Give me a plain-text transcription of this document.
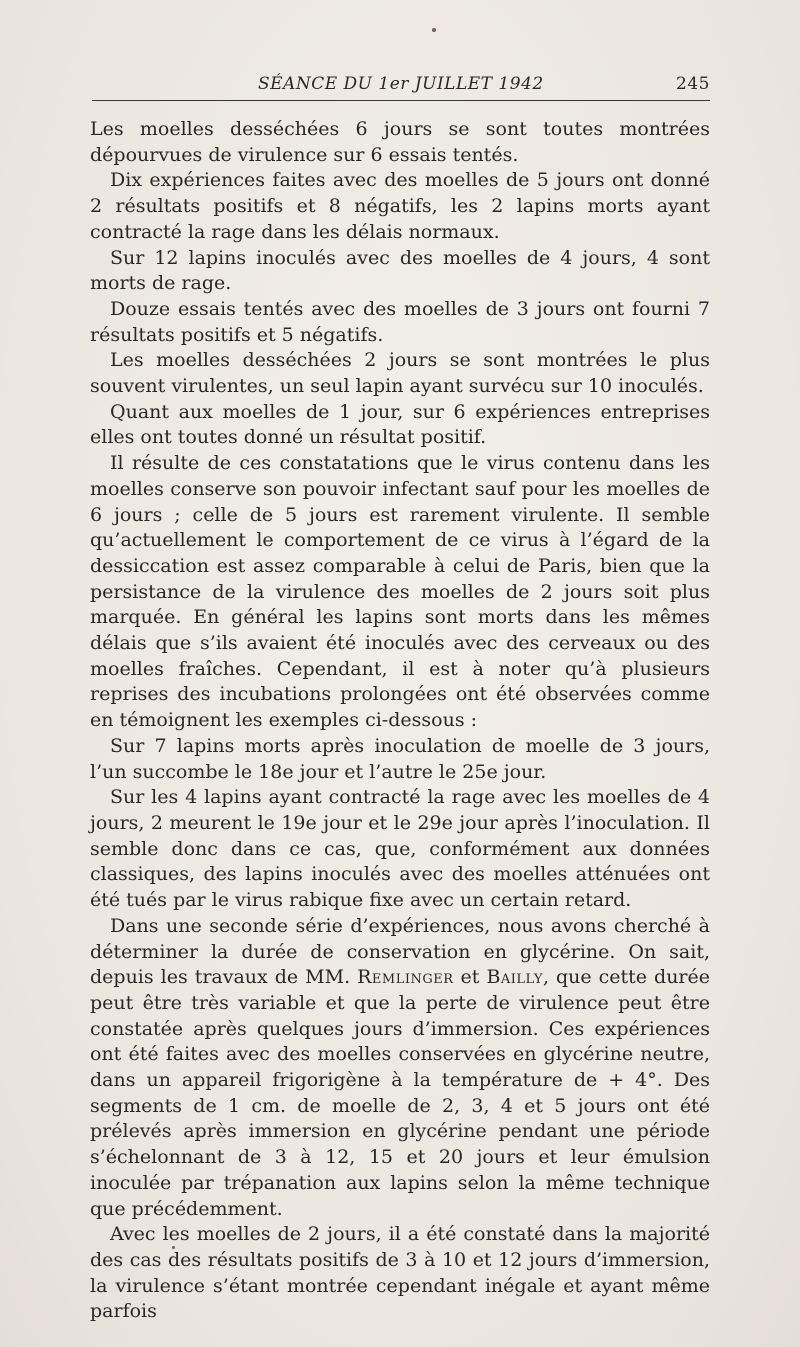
SÉANCE DU 1er JUILLET 1942	245

Les moelles desséchées 6 jours se sont toutes montrées dépourvues de virulence sur 6 essais tentés.

Dix expériences faites avec des moelles de 5 jours ont donné 2 résultats positifs et 8 négatifs, les 2 lapins morts ayant contracté la rage dans les délais normaux.

Sur 12 lapins inoculés avec des moelles de 4 jours, 4 sont morts de rage.

Douze essais tentés avec des moelles de 3 jours ont fourni 7 résultats positifs et 5 négatifs.

Les moelles desséchées 2 jours se sont montrées le plus souvent virulentes, un seul lapin ayant survécu sur 10 inoculés.

Quant aux moelles de 1 jour, sur 6 expériences entreprises elles ont toutes donné un résultat positif.

Il résulte de ces constatations que le virus contenu dans les moelles conserve son pouvoir infectant sauf pour les moelles de 6 jours ; celle de 5 jours est rarement virulente. Il semble qu’actuellement le comportement de ce virus à l’égard de la dessiccation est assez comparable à celui de Paris, bien que la persistance de la virulence des moelles de 2 jours soit plus marquée. En général les lapins sont morts dans les mêmes délais que s’ils avaient été inoculés avec des cerveaux ou des moelles fraîches. Cependant, il est à noter qu’à plusieurs reprises des incubations prolongées ont été observées comme en témoignent les exemples ci-dessous :

Sur 7 lapins morts après inoculation de moelle de 3 jours, l’un succombe le 18e jour et l’autre le 25e jour.

Sur les 4 lapins ayant contracté la rage avec les moelles de 4 jours, 2 meurent le 19e jour et le 29e jour après l’inoculation. Il semble donc dans ce cas, que, conformément aux données classiques, des lapins inoculés avec des moelles atténuées ont été tués par le virus rabique fixe avec un certain retard.

Dans une seconde série d’expériences, nous avons cherché à déterminer la durée de conservation en glycérine. On sait, depuis les travaux de MM. Remlinger et Bailly, que cette durée peut être très variable et que la perte de virulence peut être constatée après quelques jours d’immersion. Ces expériences ont été faites avec des moelles conservées en glycérine neutre, dans un appareil frigorigène à la température de + 4°. Des segments de 1 cm. de moelle de 2, 3, 4 et 5 jours ont été prélevés après immersion en glycérine pendant une période s’échelonnant de 3 à 12, 15 et 20 jours et leur émulsion inoculée par trépanation aux lapins selon la même technique que précédemment.

Avec les moelles de 2 jours, il a été constaté dans la majorité des cas des résultats positifs de 3 à 10 et 12 jours d’immersion, la virulence s’étant montrée cependant inégale et ayant même parfois
